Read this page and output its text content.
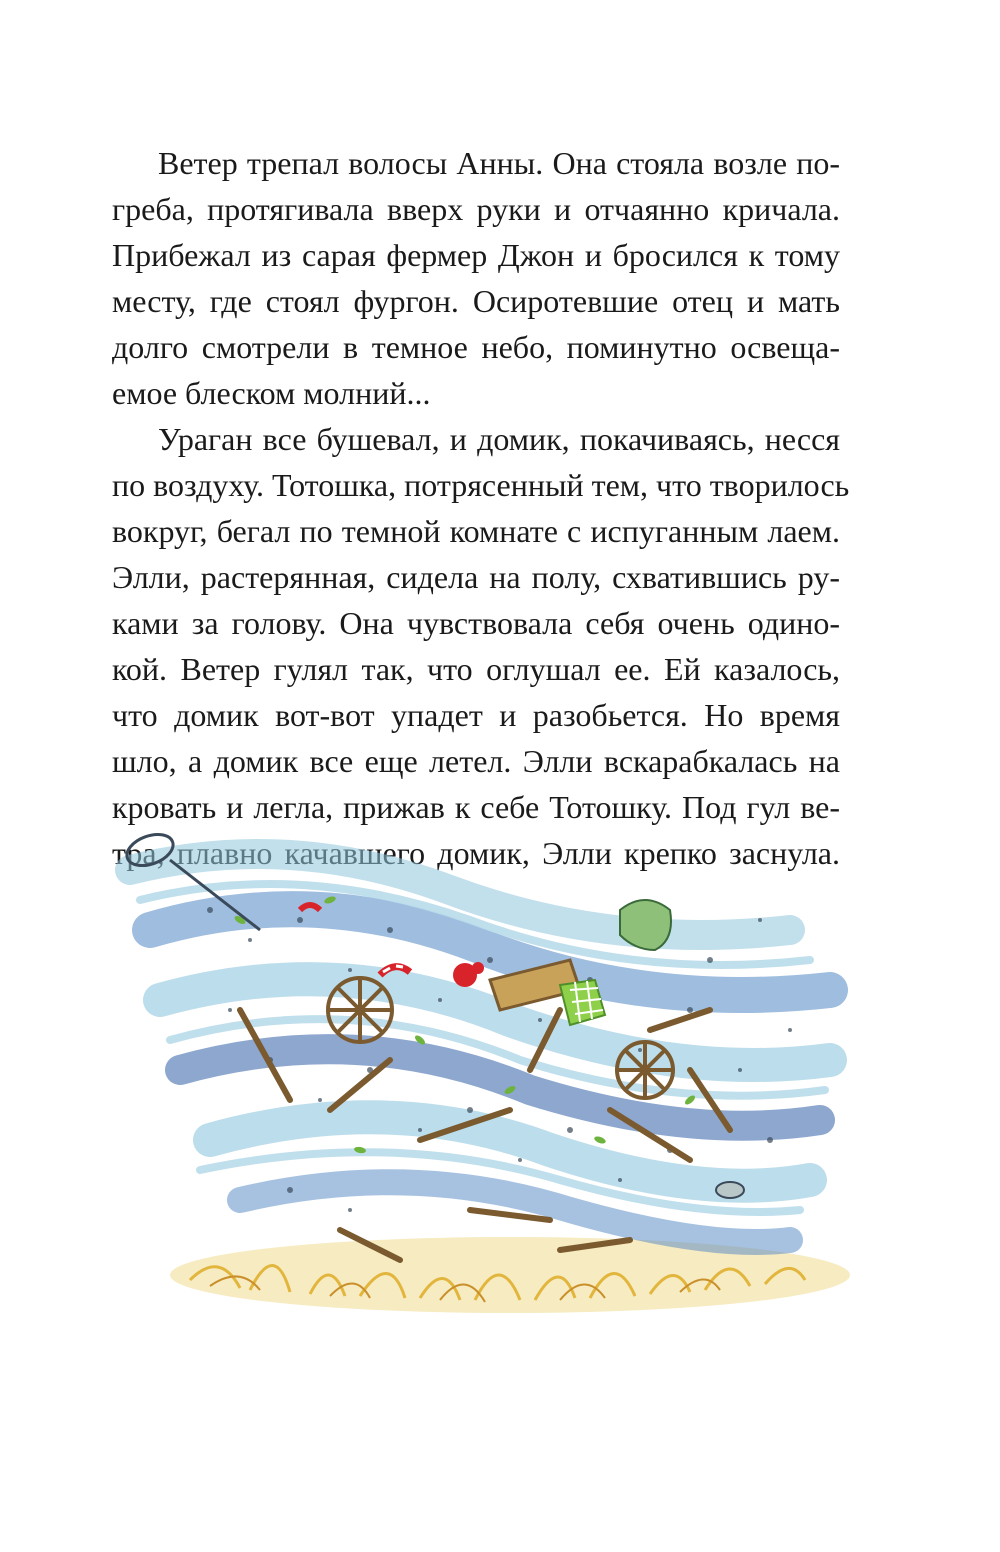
Ветер трепал волосы Анны. Она стояла возле по-
греба, протягивала вверх руки и отчаянно кричала.
Прибежал из сарая фермер Джон и бросился к тому
месту, где стоял фургон. Осиротевшие отец и мать
долго смотрели в темное небо, поминутно освеща-
емое блеском молний...
Ураган все бушевал, и домик, покачиваясь, несся
по воздуху. Тотошка, потрясенный тем, что творилось
вокруг, бегал по темной комнате с испуганным лаем.
Элли, растерянная, сидела на полу, схватившись ру-
ками за голову. Она чувствовала себя очень одино-
кой. Ветер гулял так, что оглушал ее. Ей казалось,
что домик вот-вот упадет и разобьется. Но время
шло, а домик все еще летел. Элли вскарабкалась на
кровать и легла, прижав к себе Тотошку. Под гул ве-
тра, плавно качавшего домик, Элли крепко заснула.
